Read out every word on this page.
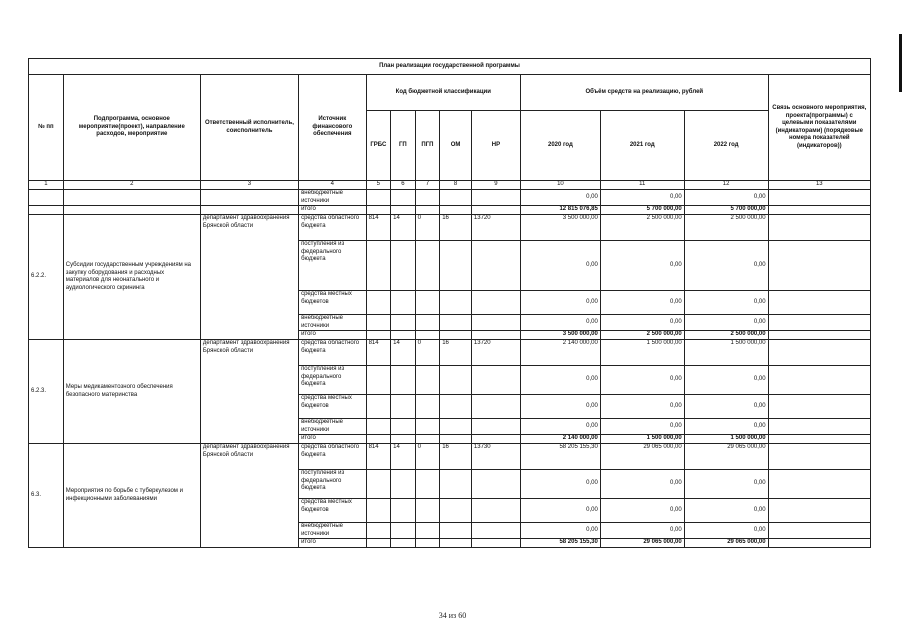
План реализации государственной программы												
№ пп	Подпрограмма, основное мероприятие(проект), направление расходов, мероприятие	Ответственный исполнитель, соисполнитель	Источник финансового обеспечения	Код бюджетной классификации					Объём средств на реализацию, рублей			Связь основного мероприятия, проекта(программы) с целевыми показателями (индикаторами) (порядковые номера показателей (индикаторов))
				ГРБС	ГП	ПГП	ОМ	НР	2020 год	2021 год	2022 год	
1	2	3	4	5	6	7	8	9	10	11	12	13
			внебюджетные источники						0,00	0,00	0,00	
			итого						12 815 076,85	5 700 000,00	5 700 000,00	
6.2.2.	Субсидии государственным учреждениям на закупку оборудования и расходных материалов для неонатального и аудиологического скрининга	департамент здравоохранения Брянской области	средства областного бюджета	814	14	0	16	13720	3 500 000,00	2 500 000,00	2 500 000,00	
			поступления из федерального бюджета						0,00	0,00	0,00	
			средства местных бюджетов						0,00	0,00	0,00	
			внебюджетные источники						0,00	0,00	0,00	
			итого						3 500 000,00	2 500 000,00	2 500 000,00	
6.2.3.	Меры медикаментозного обеспечения безопасного материнства	департамент здравоохранения Брянской области	средства областного бюджета	814	14	0	16	13720	2 140 000,00	1 500 000,00	1 500 000,00	
			поступления из федерального бюджета						0,00	0,00	0,00	
			средства местных бюджетов						0,00	0,00	0,00	
			внебюджетные источники						0,00	0,00	0,00	
			итого						2 140 000,00	1 500 000,00	1 500 000,00	
6.3.	Мероприятия по борьбе с туберкулезом и инфекционными заболеваниями	департамент здравоохранения Брянской области	средства областного бюджета	814	14	0	16	13730	58 205 155,30	29 065 000,00	29 065 000,00	
			поступления из федерального бюджета						0,00	0,00	0,00	
			средства местных бюджетов						0,00	0,00	0,00	
			внебюджетные источники						0,00	0,00	0,00	
			итого						58 205 155,30	29 065 000,00	29 065 000,00	
34 из 60
